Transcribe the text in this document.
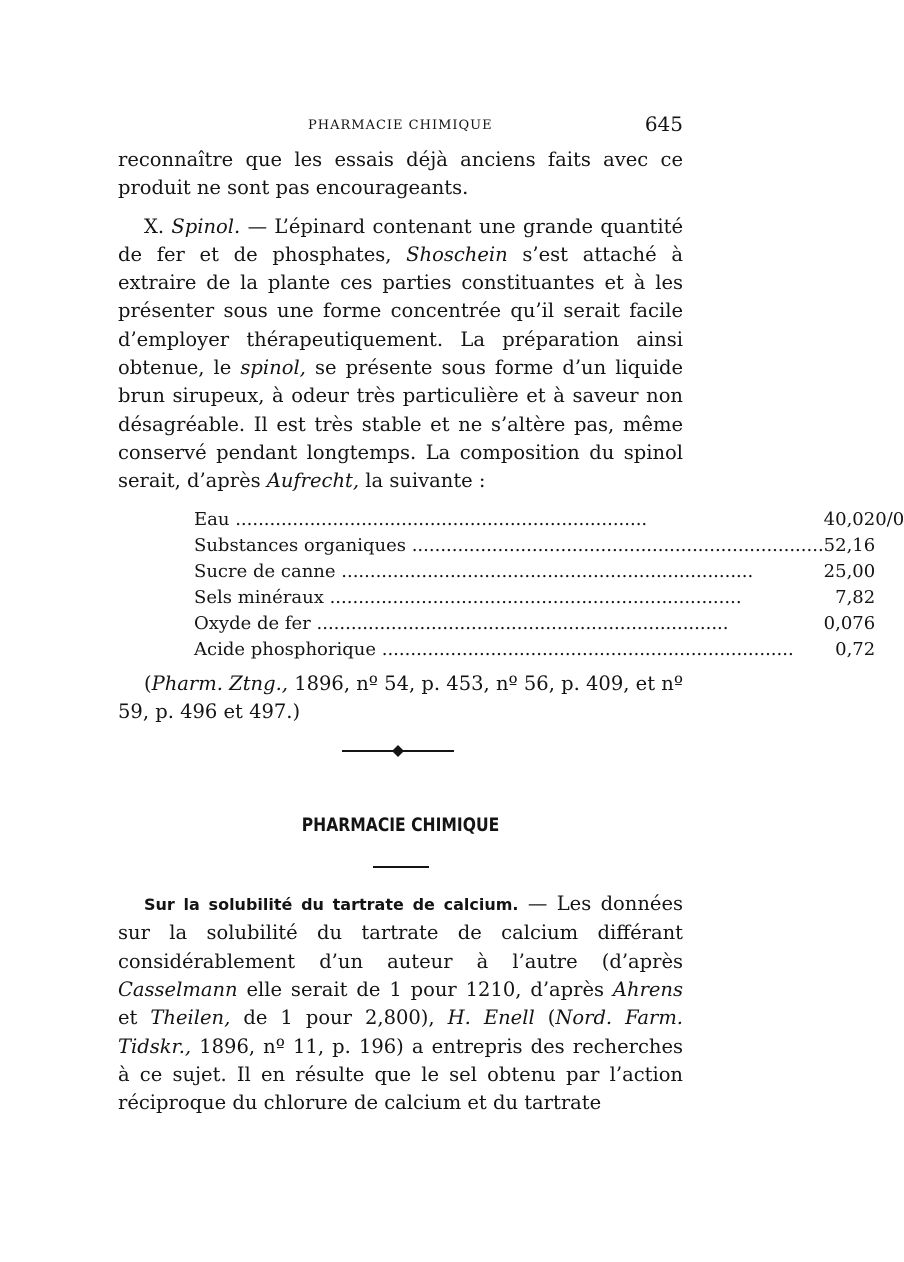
PHARMACIE CHIMIQUE	645

reconnaître que les essais déjà anciens faits avec ce produit ne sont pas encourageants.

X. Spinol. — L’épinard contenant une grande quantité de fer et de phosphates, Shoschein s’est attaché à extraire de la plante ces parties constituantes et à les présenter sous une forme concentrée qu’il serait facile d’employer thérapeutiquement. La préparation ainsi obtenue, le spinol, se présente sous forme d’un liquide brun sirupeux, à odeur très particulière et à saveur non désagréable. Il est très stable et ne s’altère pas, même conservé pendant longtemps. La composition du spinol serait, d’après Aufrecht, la suivante :

Eau .....	40,02	0/0
Substances organiques .....	52,16	
Sucre de canne .....	25,00	
Sels minéraux .....	7,82	
Oxyde de fer .....	0,076	
Acide phosphorique .....	0,72	

(Pharm. Ztng., 1896, nº 54, p. 453, nº 56, p. 409, et nº 59, p. 496 et 497.)

PHARMACIE CHIMIQUE

Sur la solubilité du tartrate de calcium. — Les données sur la solubilité du tartrate de calcium différant considérablement d’un auteur à l’autre (d’après Casselmann elle serait de 1 pour 1210, d’après Ahrens et Theilen, de 1 pour 2,800), H. Enell (Nord. Farm. Tidskr., 1896, nº 11, p. 196) a entrepris des recherches à ce sujet. Il en résulte que le sel obtenu par l’action réciproque du chlorure de calcium et du tartrate
